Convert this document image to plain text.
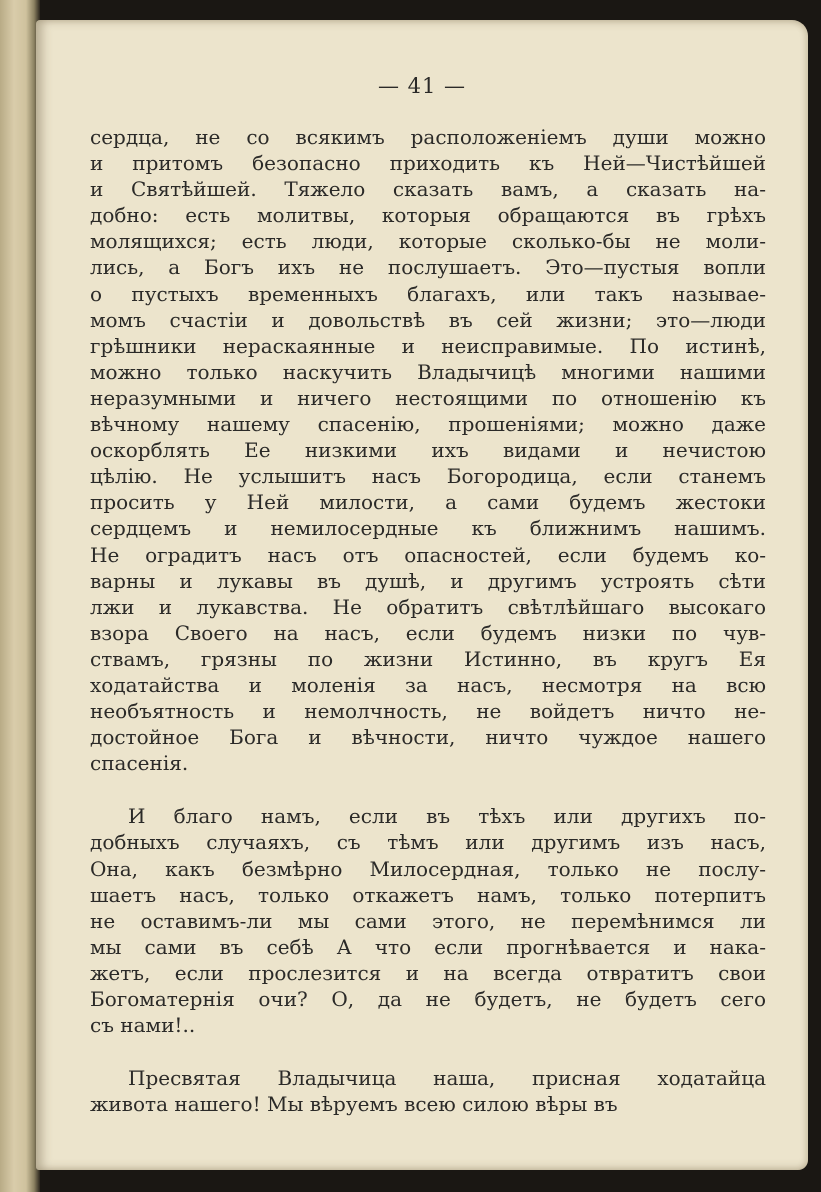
— 41 —
сердца, не со всякимъ расположенiемъ души можно
и притомъ безопасно приходить къ Ней—Чистѣйшей
и Святѣйшей. Тяжело сказать вамъ, а сказать на-
добно: есть молитвы, которыя обращаются въ грѣхъ
молящихся; есть люди, которые сколько-бы не моли-
лись, а Богъ ихъ не послушаетъ. Это—пустыя вопли
о пустыхъ временныхъ благахъ, или такъ называе-
момъ счастiи и довольствѣ въ сей жизни; это—люди
грѣшники нераскаянные и неисправимые. По истинѣ,
можно только наскучить Владычицѣ многими нашими
неразумными и ничего нестоящими по отношенiю къ
вѣчному нашему спасенiю, прошенiями; можно даже
оскорблять Ее низкими ихъ видами и нечистою
цѣлiю. Не услышитъ насъ Богородица, если станемъ
просить у Ней милости, а сами будемъ жестоки
сердцемъ и немилосердные къ ближнимъ нашимъ.
Не оградитъ насъ отъ опасностей, если будемъ ко-
варны и лукавы въ душѣ, и другимъ устроять сѣти
лжи и лукавства. Не обратитъ свѣтлѣйшаго высокаго
взора Своего на насъ, если будемъ низки по чув-
ствамъ, грязны по жизни Истинно, въ кругъ Ея
ходатайства и моленiя за насъ, несмотря на всю
необъятность и немолчность, не войдетъ ничто не-
достойное Бога и вѣчности, ничто чуждое нашего
спасенiя.
И благо намъ, если въ тѣхъ или другихъ по-
добныхъ случаяхъ, съ тѣмъ или другимъ изъ насъ,
Она, какъ безмѣрно Милосердная, только не послу-
шаетъ насъ, только откажетъ намъ, только потерпитъ
не оставимъ-ли мы сами этого, не перемѣнимся ли
мы сами въ себѣ А что если прогнѣвается и нака-
жетъ, если прослезится и на всегда отвратитъ свои
Богоматернiя очи? О, да не будетъ, не будетъ сего
съ нами!..
Пресвятая Владычица наша, присная ходатайца
живота нашего! Мы вѣруемъ всею силою вѣры въ
